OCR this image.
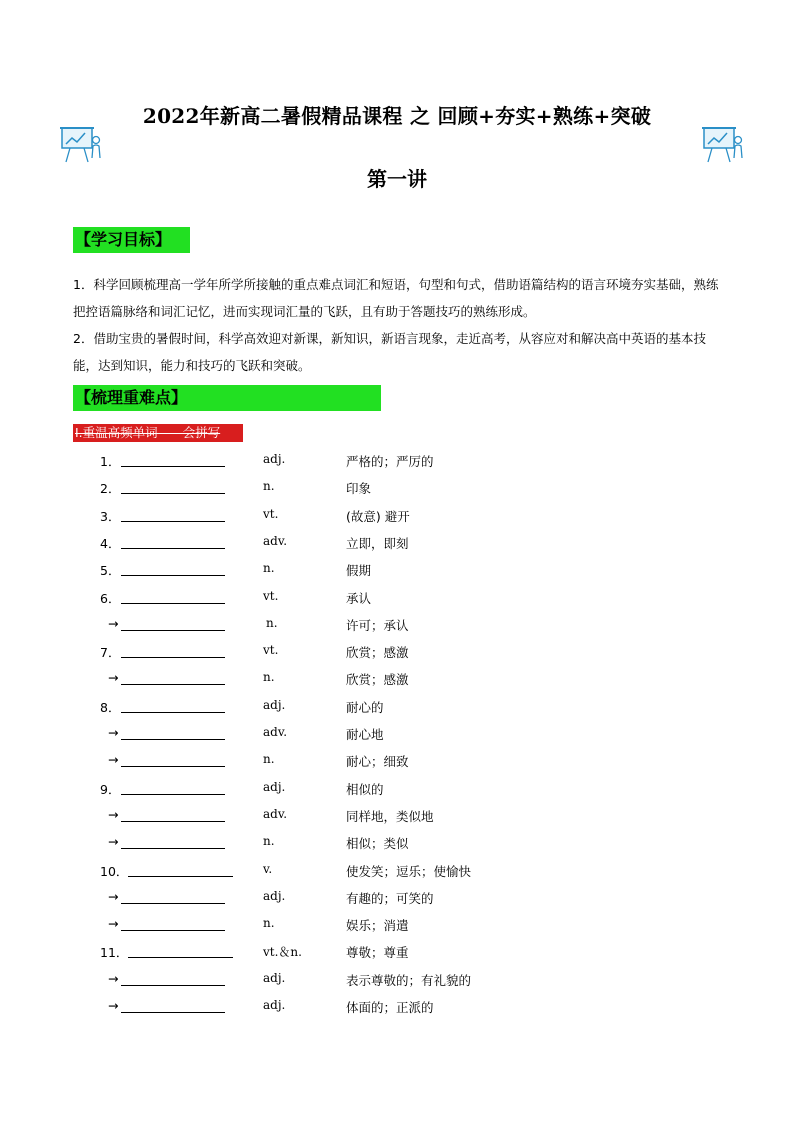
2022年新高二暑假精品课程 之 回顾+夯实+熟练+突破
第一讲
【学习目标】
1．科学回顾梳理高一学年所学所接触的重点难点词汇和短语，句型和句式，借助语篇结构的语言环境夯实基础，熟练把控语篇脉络和词汇记忆，进而实现词汇量的飞跃，且有助于答题技巧的熟练形成。
2．借助宝贵的暑假时间，科学高效迎对新课，新知识，新语言现象，走近高考，从容应对和解决高中英语的基本技能，达到知识，能力和技巧的飞跃和突破。
【梳理重难点】
Ⅰ.重温高频单词——会拼写
1．	adj.	严格的；严厉的
2．	n.	印象
3．	vt.	(故意) 避开
4．	adv.	立即，即刻
5．	n.	假期
6．	vt.	承认
→	n.	许可；承认
7．	vt.	欣赏；感激
→	n.	欣赏；感激
8．	adj.	耐心的
→	adv.	耐心地
→	n.	耐心；细致
9．	adj.	相似的
→	adv.	同样地，类似地
→	n.	相似；类似
10．	v.	使发笑；逗乐；使愉快
→	adj.	有趣的；可笑的
→	n.	娱乐；消遣
11．	vt.＆n.	尊敬；尊重
→	adj.	表示尊敬的；有礼貌的
→	adj.	体面的；正派的
